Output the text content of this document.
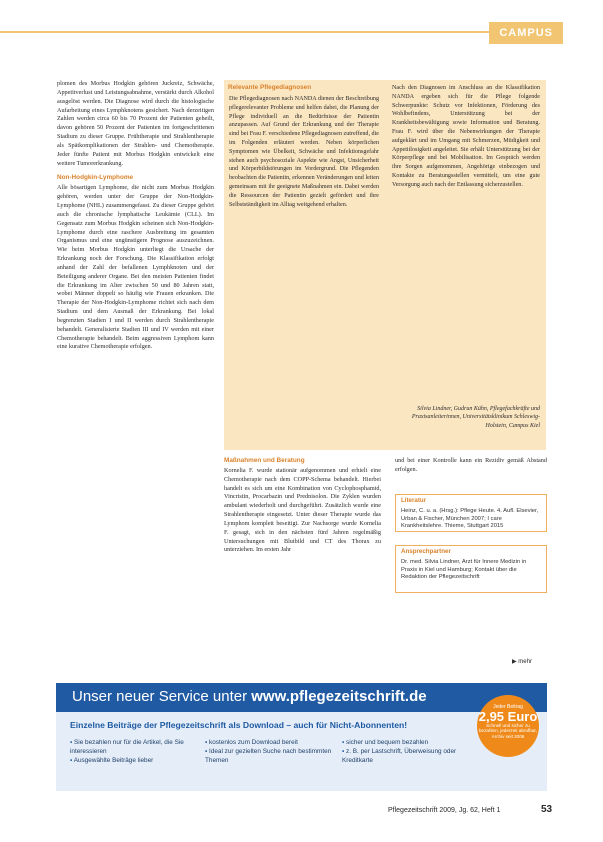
CAMPUS

plomen des Morbus Hodgkin gehören Juckreiz, Schwäche, Appetitverlust und Leistungsabnahme, verstärkt durch Alkohol ausgelöst werden. Die Diagnose wird durch die histologische Aufarbeitung eines Lymphknotens gesichert. Nach derzeitigen Zahlen werden circa 60 bis 70 Prozent der Patienten geheilt, davon gehören 50 Prozent der Patienten im fortgeschrittenen Stadium zu dieser Gruppe. Frühtherapie und Strahlentherapie als Spätkomplikationen der Strahlen- und Chemotherapie. Jeder fünfte Patient mit Morbus Hodgkin entwickelt eine weitere Tumorerkrankung.

Non-Hodgkin-Lymphome

Alle bösartigen Lymphome, die nicht zum Morbus Hodgkin gehören, werden unter der Gruppe der Non-Hodgkin-Lymphome (NHL) zusammengefasst. Zu dieser Gruppe gehört auch die chronische lymphatische Leukämie (CLL). Im Gegensatz zum Morbus Hodgkin scheinen sich Non-Hodgkin-Lymphome durch eine raschere Ausbreitung im gesamten Organismus und eine ungünstigere Prognose auszuzeichnen. Wie beim Morbus Hodgkin unterliegt die Ursache der Erkrankung noch der Forschung. Die Klassifikation erfolgt anhand der Zahl der befallenen Lymphknoten und der Beteiligung anderer Organe. Bei den meisten Patienten findet die Erkrankung im Alter zwischen 50 und 80 Jahren statt, wobei Männer doppelt so häufig wie Frauen erkranken. Die Therapie der Non-Hodgkin-Lymphome richtet sich nach dem Stadium und dem Ausmaß der Erkrankung. Bei lokal begrenzten Stadien I und II werden durch Strahlentherapie behandelt. Generalisierte Stadien III und IV werden mit einer Chemotherapie behandelt. Beim aggressiven Lymphom kann eine kurative Chemotherapie erfolgen.

Relevante Pflegediagnosen
Die Pflegediagnosen nach NANDA dienen der Beschreibung pflegerelevanter Probleme und helfen dabei, die Planung der Pflege individuell an die Bedürfnisse der Patientin anzupassen. Auf Grund der Erkrankung und der Therapie sind bei Frau F. verschiedene Pflegediagnosen zutreffend, die im Folgenden erläutert werden. Neben körperlichen Symptomen wie Übelkeit, Schwäche und Infektionsgefahr stehen auch psychosoziale Aspekte wie Angst, Unsicherheit und Körperbildstörungen im Vordergrund. Die Pflegenden beobachten die Patientin, erkennen Veränderungen und leiten gemeinsam mit ihr geeignete Maßnahmen ein. Dabei werden die Ressourcen der Patientin gezielt gefördert und ihre Selbstständigkeit im Alltag weitgehend erhalten.
Nach den Diagnosen im Anschluss an die Klassifikation NANDA ergeben sich für die Pflege folgende Schwerpunkte: Schutz vor Infektionen, Förderung des Wohlbefindens, Unterstützung bei der Krankheitsbewältigung sowie Information und Beratung. Frau F. wird über die Nebenwirkungen der Therapie aufgeklärt und im Umgang mit Schmerzen, Müdigkeit und Appetitlosigkeit angeleitet. Sie erhält Unterstützung bei der Körperpflege und bei Mobilisation. Im Gespräch werden ihre Sorgen aufgenommen, Angehörige einbezogen und Kontakte zu Beratungsstellen vermittelt, um eine gute Versorgung auch nach der Entlassung sicherzustellen.
Silvia Lindner, Gudrun Kühn, Pflegefachkräfte und Praxisanleiterinnen, Universitätsklinikum Schleswig-Holstein, Campus Kiel
Maßnahmen und Beratung

Kornelia F. wurde stationär aufgenommen und erhielt eine Chemotherapie nach dem COPP-Schema behandelt. Hierbei handelt es sich um eine Kombination von Cyclophosphamid, Vincristin, Procarbazin und Prednisolon. Die Zyklen wurden ambulant wiederholt und durchgeführt. Zusätzlich wurde eine Strahlentherapie eingesetzt. Unter dieser Therapie wurde das Lymphom komplett beseitigt. Zur Nachsorge wurde Kornelia F. gesagt, sich in den nächsten fünf Jahren regelmäßig Untersuchungen mit Blutbild und CT des Thorax zu unterziehen. Im ersten Jahr

und bei einer Kontrolle kann ein Rezidiv gemäß Abstand erfolgen.

Literatur
Heinz, C. u. a. (Hrsg.): Pflege Heute. 4. Aufl. Elsevier, Urban & Fischer, München 2007; I care Krankheitslehre. Thieme, Stuttgart 2015
Ansprechpartner
Dr. med. Silvia Lindner, Arzt für Innere Medizin in Praxis in Kiel und Hamburg; Kontakt über die Redaktion der Pflegezeitschrift
▶ mehr
Unser neuer Service unter www.pflegezeitschrift.de
Einzelne Beiträge der Pflegezeitschrift als Download – auch für Nicht-Abonnenten!
▪ Sie bezahlen nur für die Artikel, die Sie interessieren
▪ Ausgewählte Beiträge lieber
▪ kostenlos zum Download bereit
▪ Ideal zur gezielten Suche nach bestimmten Themen
▪ sicher und bequem bezahlen
▪ z. B. per Lastschrift, Überweisung oder Kreditkarte
Jeder Beitrag
2,95 Euro
Schnell und sicher zu bezahlen, jederzeit abrufbar, Archiv seit 2006
Pflegezeitschrift 2009, Jg. 62, Heft 1	53
